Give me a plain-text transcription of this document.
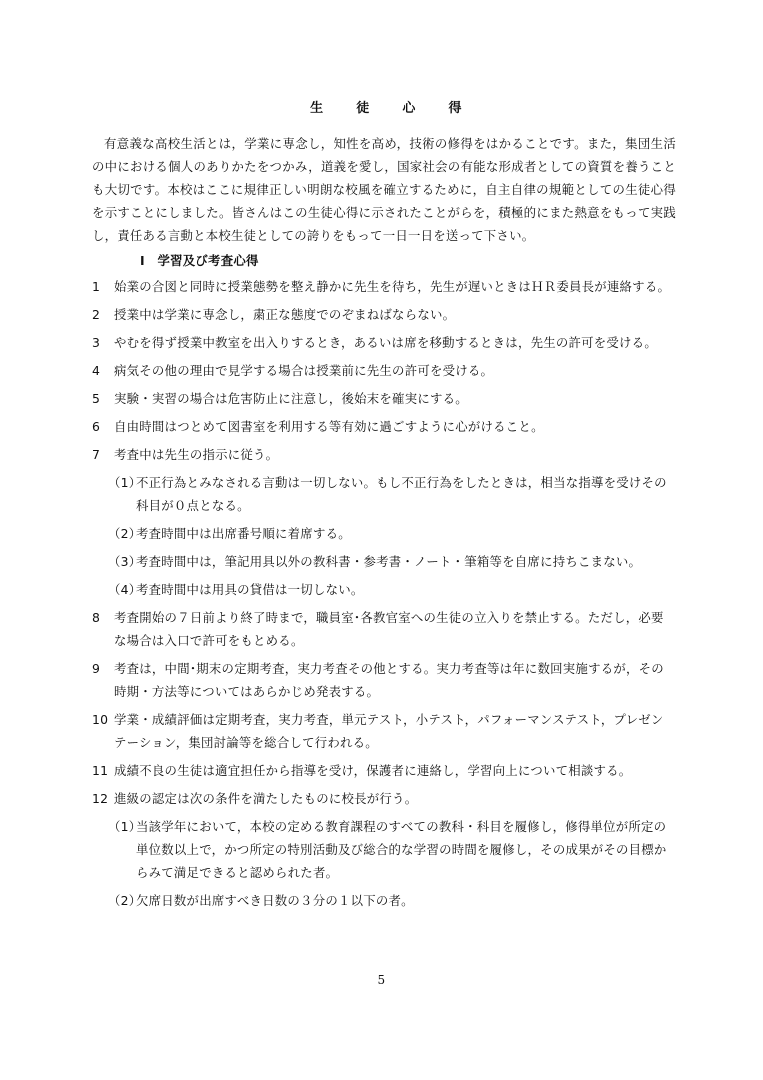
生 徒 心 得

有意義な高校生活とは，学業に専念し，知性を高め，技術の修得をはかることです。また，集団生活の中における個人のありかたをつかみ，道義を愛し，国家社会の有能な形成者としての資質を養うことも大切です。本校はここに規律正しい明朗な校風を確立するために，自主自律の規範としての生徒心得を示すことにしました。皆さんはこの生徒心得に示されたことがらを，積極的にまた熱意をもって実践し，責任ある言動と本校生徒としての誇りをもって一日一日を送って下さい。

Ⅰ　学習及び考査心得
1 始業の合図と同時に授業態勢を整え静かに先生を待ち，先生が遅いときはＨＲ委員長が連絡する。
2 授業中は学業に専念し，粛正な態度でのぞまねばならない。
3 やむを得ず授業中教室を出入りするとき，あるいは席を移動するときは，先生の許可を受ける。
4 病気その他の理由で見学する場合は授業前に先生の許可を受ける。
5 実験・実習の場合は危害防止に注意し，後始末を確実にする。
6 自由時間はつとめて図書室を利用する等有効に過ごすように心がけること。
7 考査中は先生の指示に従う。
（1）
不正行為とみなされる言動は一切しない。もし不正行為をしたときは，相当な指導を受けその科目が０点となる。
（2）
考査時間中は出席番号順に着席する。
（3）
考査時間中は，筆記用具以外の教科書・参考書・ノート・筆箱等を自席に持ちこまない。
（4）
考査時間中は用具の貸借は一切しない。
8 考査開始の７日前より終了時まで，職員室･各教官室への生徒の立入りを禁止する。ただし，必要な場合は入口で許可をもとめる。
9 考査は，中間･期末の定期考査，実力考査その他とする。実力考査等は年に数回実施するが，その時期・方法等についてはあらかじめ発表する。
10 学業・成績評価は定期考査，実力考査，単元テスト，小テスト，パフォーマンステスト，プレゼンテーション，集団討論等を総合して行われる。
11 成績不良の生徒は適宜担任から指導を受け，保護者に連絡し，学習向上について相談する。
12 進級の認定は次の条件を満たしたものに校長が行う。
（1）
当該学年において，本校の定める教育課程のすべての教科・科目を履修し，修得単位が所定の単位数以上で，かつ所定の特別活動及び総合的な学習の時間を履修し，その成果がその目標からみて満足できると認められた者。
（2）
欠席日数が出席すべき日数の３分の１以下の者。
5
